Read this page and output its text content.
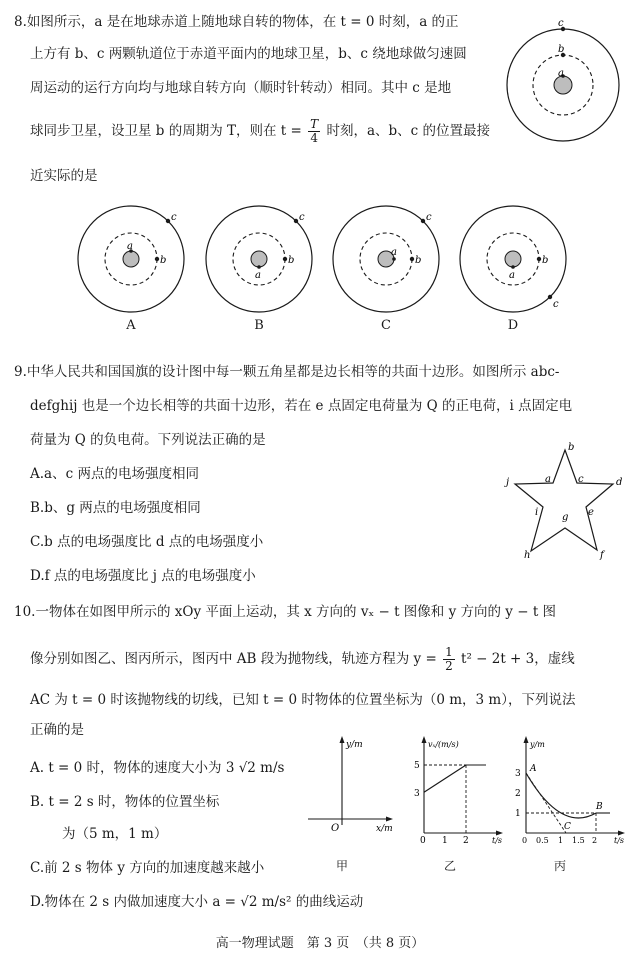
8.如图所示，a 是在地球赤道上随地球自转的物体，在 t = 0 时刻，a 的正
上方有 b、c 两颗轨道位于赤道平面内的地球卫星，b、c 绕地球做匀速圆
周运动的运行方向均与地球自转方向（顺时针转动）相同。其中 c 是地
球同步卫星，设卫星 b 的周期为 T，则在 $t = \frac{T}{4}$ 时刻，a、b、c 的位置最接
近实际的是
a
b
c
a
b
c
a
b
c
a
b
c
a
b
c
A	B	C	D
9.中华人民共和国国旗的设计图中每一颗五角星都是边长相等的共面十边形。如图所示 abc-
defghij 也是一个边长相等的共面十边形，若在 e 点固定电荷量为 Q 的正电荷，i 点固定电
荷量为 Q 的负电荷。下列说法正确的是
A.a、c 两点的电场强度相同
B.b、g 两点的电场强度相同
C.b 点的电场强度比 d 点的电场强度小
D.f 点的电场强度比 j 点的电场强度小
b
a	c	d
e
f
g
h
i
j
10.一物体在如图甲所示的 xOy 平面上运动，其 x 方向的 vₓ − t 图像和 y 方向的 y − t 图
像分别如图乙、图丙所示，图丙中 AB 段为抛物线，轨迹方程为 $y = \frac{1}{2} t^2 - 2t + 3$，虚线
AC 为 t = 0 时该抛物线的切线，已知 t = 0 时物体的位置坐标为（0 m，3 m），下列说法
正确的是
A. t = 0 时，物体的速度大小为 3 √2 m/s
B. t = 2 s 时，物体的位置坐标
为（5 m，1 m）
C.前 2 s 物体 y 方向的加速度越来越小
D.物体在 2 s 内做加速度大小 a = √2 m/s² 的曲线运动
y/m
x/m
O
甲
vₓ/(m/s)
5
3
0 1 2	t/s
乙
y/m
3
2
1
0 0.5 1 1.5 2 t/s
A
B
C
丙
高一物理试题　第 3 页　（共 8 页）
